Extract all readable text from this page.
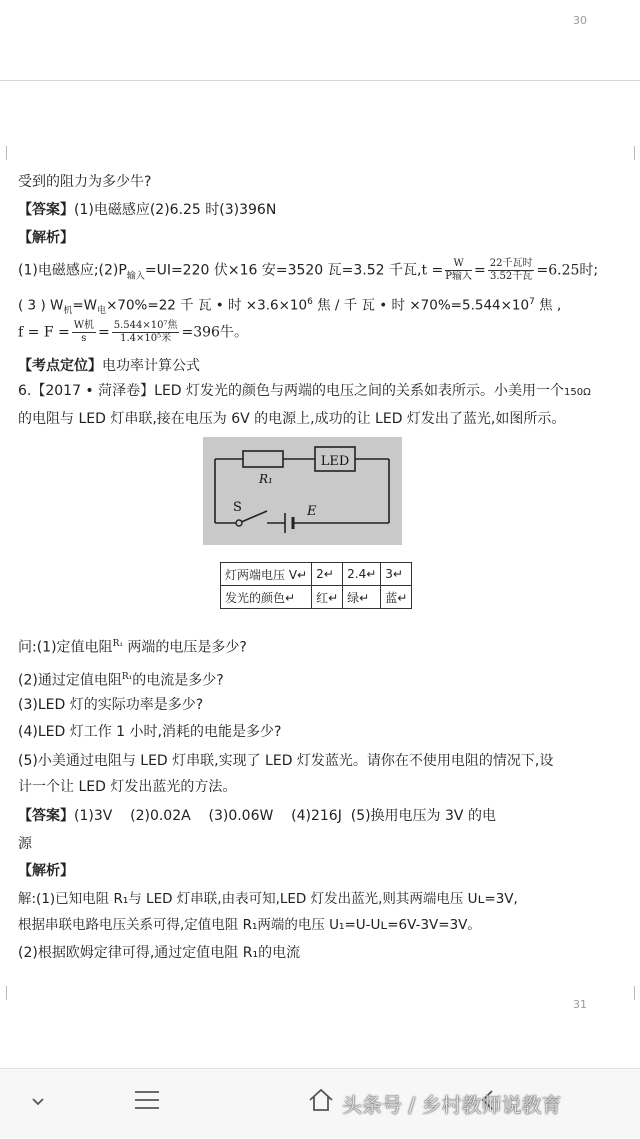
30
受到的阻力为多少牛?
【答案】(1)电磁感应(2)6.25 时(3)396N
【解析】
(1)电磁感应$;(2)P_{输入}=UI=220$ 伏×16 安=3520 瓦=3.52 千瓦$,t = \frac{W}{\text{P输入}} = \frac{\text{22千瓦时}}{\text{3.52千瓦}} =6.25$时;
( 3 ) $W_机=W_电\times 70\%=22$ 千 瓦 • 时 $\times 3.6\times 10^6$ 焦 / 千 瓦 • 时 $\times 70\%=5.544\times 10^7$ 焦 ,
$f = F = \frac{\text{W机}}{s} = \frac{\text{5.544×10⁷焦}}{\text{1.4×10⁵米}} =396$牛。
【考点定位】电功率计算公式
6.【2017 • 菏泽卷】LED 灯发光的颜色与两端的电压之间的关系如表所示。小美用一个150Ω
的电阻与 LED 灯串联,接在电压为 6V 的电源上,成功的让 LED 灯发出了蓝光,如图所示。
LED
R₁
S	E
灯两端电压 V↵	2↵	2.4↵	3↵
发光的颜色↵	红↵	绿↵	蓝↵
问:(1)定值电阻$^{R_1}$ 两端的电压是多少?
(2)通过定值电阻$^{R_1}$的电流是多少?
(3)LED 灯的实际功率是多少?
(4)LED 灯工作 1 小时,消耗的电能是多少?
(5)小美通过电阻与 LED 灯串联,实现了 LED 灯发蓝光。请你在不使用电阻的情况下,设
计一个让 LED 灯发出蓝光的方法。
【答案】(1)3V    (2)0.02A    (3)0.06W    (4)216J  (5)换用电压为 3V 的电
源
【解析】
解:(1)已知电阻 R₁与 LED 灯串联,由表可知,LED 灯发出蓝光,则其两端电压 Uʟ=3V,
根据串联电路电压关系可得,定值电阻 R₁两端的电压 U₁=U-Uʟ=6V-3V=3V。
(2)根据欧姆定律可得,通过定值电阻 R₁的电流
31
头条号 / 乡村教师说教育
